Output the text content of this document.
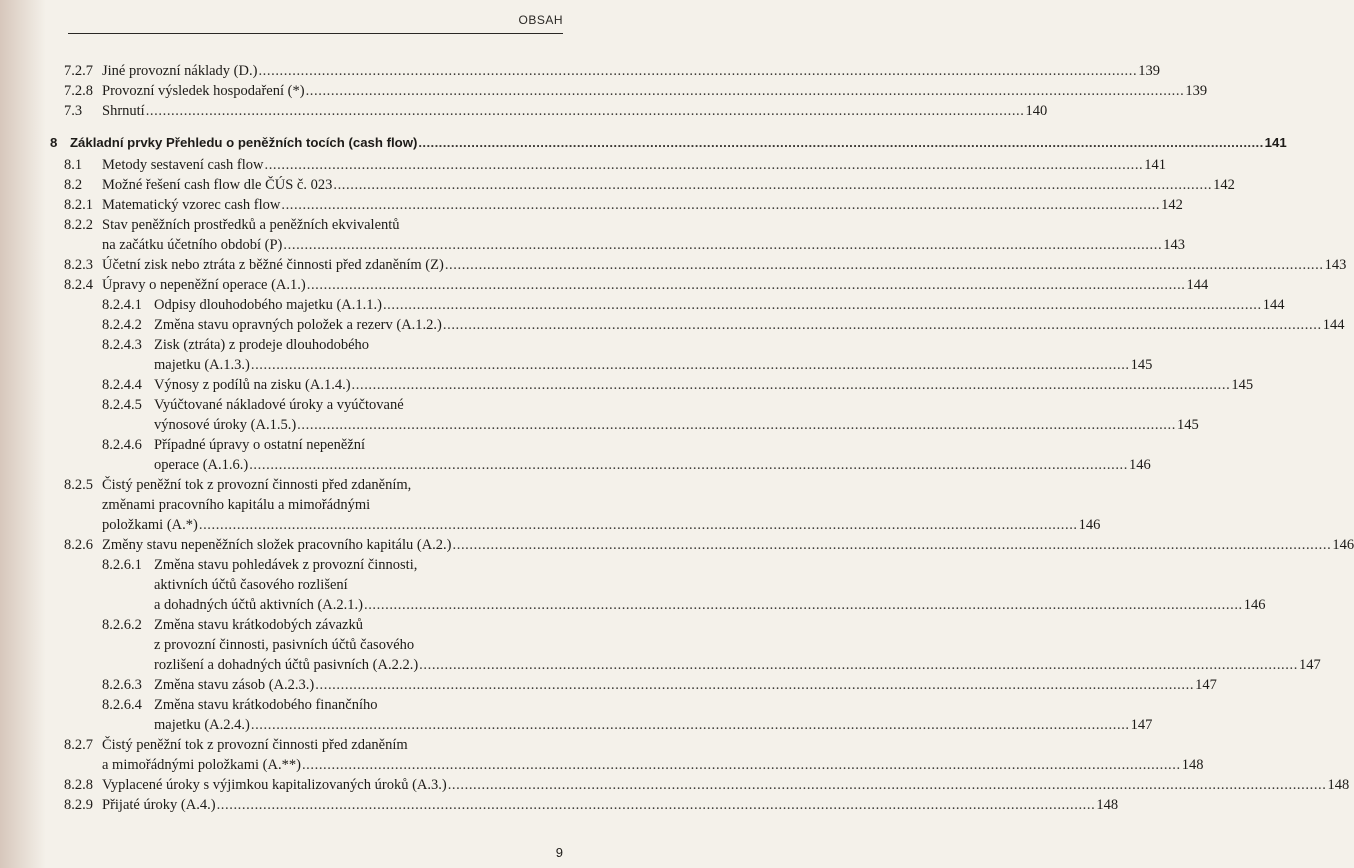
OBSAH
7.2.7 Jiné provozní náklady (D.) ................................................................................................................................................................................................................ 139
7.2.8 Provozní výsledek hospodaření (*) ................................................................................................................................................................................................................ 139
7.3 Shrnutí ................................................................................................................................................................................................................ 140
8 Základní prvky Přehledu o peněžních tocích (cash flow) ................................................................................................................................................................................................................ 141
8.1 Metody sestavení cash flow ................................................................................................................................................................................................................ 141
8.2 Možné řešení cash flow dle ČÚS č. 023 ................................................................................................................................................................................................................ 142
8.2.1 Matematický vzorec cash flow ................................................................................................................................................................................................................ 142
8.2.2 Stav peněžních prostředků a peněžních ekvivalentů
na začátku účetního období (P) ................................................................................................................................................................................................................ 143
8.2.3 Účetní zisk nebo ztráta z běžné činnosti před zdaněním (Z) ................................................................................................................................................................................................................ 143
8.2.4 Úpravy o nepeněžní operace (A.1.) ................................................................................................................................................................................................................ 144
8.2.4.1 Odpisy dlouhodobého majetku (A.1.1.) ................................................................................................................................................................................................................ 144
8.2.4.2 Změna stavu opravných položek a rezerv (A.1.2.) ................................................................................................................................................................................................................ 144
8.2.4.3 Zisk (ztráta) z prodeje dlouhodobého
majetku (A.1.3.) ................................................................................................................................................................................................................ 145
8.2.4.4 Výnosy z podílů na zisku (A.1.4.) ................................................................................................................................................................................................................ 145
8.2.4.5 Vyúčtované nákladové úroky a vyúčtované
výnosové úroky (A.1.5.) ................................................................................................................................................................................................................ 145
8.2.4.6 Případné úpravy o ostatní nepeněžní
operace (A.1.6.) ................................................................................................................................................................................................................ 146
8.2.5 Čistý peněžní tok z provozní činnosti před zdaněním,
změnami pracovního kapitálu a mimořádnými
položkami (A.*) ................................................................................................................................................................................................................ 146
8.2.6 Změny stavu nepeněžních složek pracovního kapitálu (A.2.) ................................................................................................................................................................................................................ 146
8.2.6.1 Změna stavu pohledávek z provozní činnosti,
aktivních účtů časového rozlišení
a dohadných účtů aktivních (A.2.1.) ................................................................................................................................................................................................................ 146
8.2.6.2 Změna stavu krátkodobých závazků
z provozní činnosti, pasivních účtů časového
rozlišení a dohadných účtů pasivních (A.2.2.) ................................................................................................................................................................................................................ 147
8.2.6.3 Změna stavu zásob (A.2.3.) ................................................................................................................................................................................................................ 147
8.2.6.4 Změna stavu krátkodobého finančního
majetku (A.2.4.) ................................................................................................................................................................................................................ 147
8.2.7 Čistý peněžní tok z provozní činnosti před zdaněním
a mimořádnými položkami (A.**) ................................................................................................................................................................................................................ 148
8.2.8 Vyplacené úroky s výjimkou kapitalizovaných úroků (A.3.) ................................................................................................................................................................................................................ 148
8.2.9 Přijaté úroky (A.4.) ................................................................................................................................................................................................................ 148
9
